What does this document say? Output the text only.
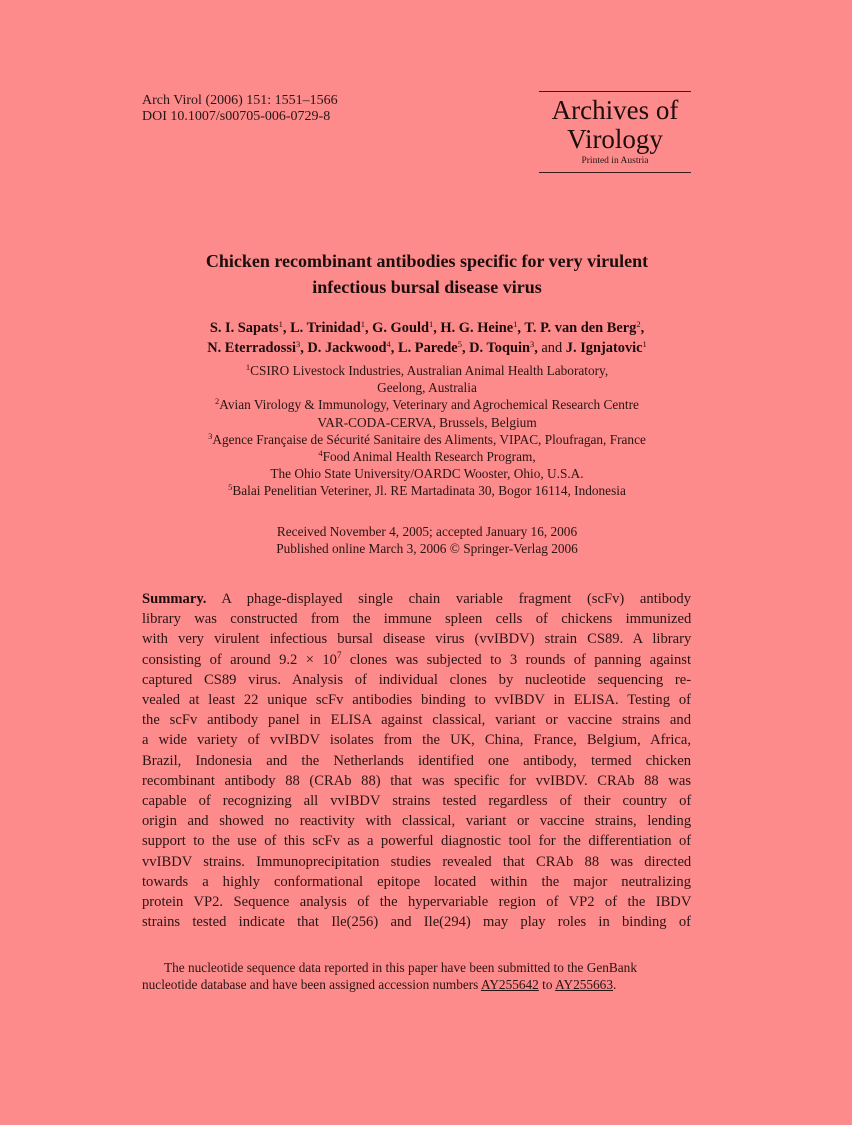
Arch Virol (2006) 151: 1551–1566
DOI 10.1007/s00705-006-0729-8	Archives of
Virology
Printed in Austria
Chicken recombinant antibodies specific for very virulent
infectious bursal disease virus
S. I. Sapats$^1$, L. Trinidad$^1$, G. Gould$^1$, H. G. Heine$^1$, T. P. van den Berg$^2$,
N. Eterradossi$^3$, D. Jackwood$^4$, L. Parede$^5$, D. Toquin$^3$, and J. Ignjatovic$^1$
$^1$CSIRO Livestock Industries, Australian Animal Health Laboratory,
Geelong, Australia
$^2$Avian Virology & Immunology, Veterinary and Agrochemical Research Centre
VAR-CODA-CERVA, Brussels, Belgium
$^3$Agence Française de Sécurité Sanitaire des Aliments, VIPAC, Ploufragan, France
$^4$Food Animal Health Research Program,
The Ohio State University/OARDC Wooster, Ohio, U.S.A.
$^5$Balai Penelitian Veteriner, Jl. RE Martadinata 30, Bogor 16114, Indonesia
Received November 4, 2005; accepted January 16, 2006
Published online March 3, 2006 © Springer-Verlag 2006
Summary. A phage-displayed single chain variable fragment (scFv) antibody
library was constructed from the immune spleen cells of chickens immunized
with very virulent infectious bursal disease virus (vvIBDV) strain CS89. A library
consisting of around $9.2 \times 10^7$ clones was subjected to 3 rounds of panning against
captured CS89 virus. Analysis of individual clones by nucleotide sequencing re-
vealed at least 22 unique scFv antibodies binding to vvIBDV in ELISA. Testing of
the scFv antibody panel in ELISA against classical, variant or vaccine strains and
a wide variety of vvIBDV isolates from the UK, China, France, Belgium, Africa,
Brazil, Indonesia and the Netherlands identified one antibody, termed chicken
recombinant antibody 88 (CRAb 88) that was specific for vvIBDV. CRAb 88 was
capable of recognizing all vvIBDV strains tested regardless of their country of
origin and showed no reactivity with classical, variant or vaccine strains, lending
support to the use of this scFv as a powerful diagnostic tool for the differentiation of
vvIBDV strains. Immunoprecipitation studies revealed that CRAb 88 was directed
towards a highly conformational epitope located within the major neutralizing
protein VP2. Sequence analysis of the hypervariable region of VP2 of the IBDV
strains tested indicate that Ile(256) and Ile(294) may play roles in binding of
The nucleotide sequence data reported in this paper have been submitted to the GenBank
nucleotide database and have been assigned accession numbers AY255642 to AY255663.
